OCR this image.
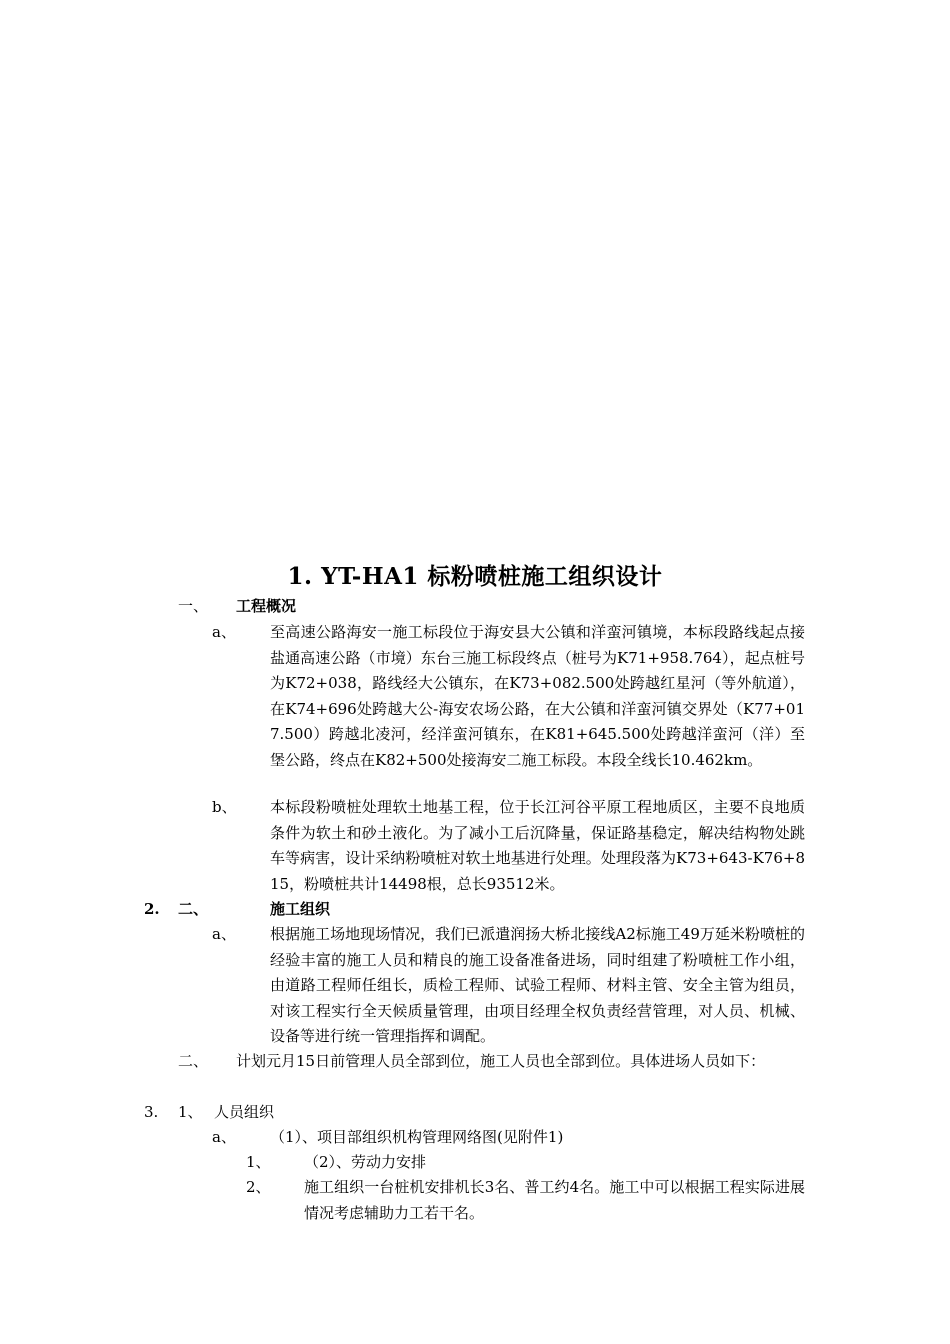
1. YT-HA1 标粉喷桩施工组织设计
一、 工程概况
a、 至高速公路海安一施工标段位于海安县大公镇和洋蛮河镇境，本标段路线起点接盐通高速公路（市境）东台三施工标段终点（桩号为K71+958.764），起点桩号为K72+038，路线经大公镇东，在K73+082.500处跨越红星河（等外航道），在K74+696处跨越大公-海安农场公路，在大公镇和洋蛮河镇交界处（K77+017.500）跨越北凌河，经洋蛮河镇东，在K81+645.500处跨越洋蛮河（洋）至堡公路，终点在K82+500处接海安二施工标段。本段全线长10.462km。
b、 本标段粉喷桩处理软土地基工程，位于长江河谷平原工程地质区，主要不良地质条件为软土和砂土液化。为了减小工后沉降量，保证路基稳定，解决结构物处跳车等病害，设计采纳粉喷桩对软土地基进行处理。处理段落为K73+643-K76+815，粉喷桩共计14498根，总长93512米。
2. 二、	施工组织
a、 根据施工场地现场情况，我们已派遣润扬大桥北接线A2标施工49万延米粉喷桩的经验丰富的施工人员和精良的施工设备准备进场，同时组建了粉喷桩工作小组，由道路工程师任组长，质检工程师、试验工程师、材料主管、安全主管为组员，对该工程实行全天候质量管理，由项目经理全权负责经营管理，对人员、机械、设备等进行统一管理指挥和调配。
二、 计划元月15日前管理人员全部到位，施工人员也全部到位。具体进场人员如下：
3. 1、 人员组织
a、 （1）、项目部组织机构管理网络图(见附件1)
1、 （2）、劳动力安排
2、 施工组织一台桩机安排机长3名、普工约4名。施工中可以根据工程实际进展情况考虑辅助力工若干名。
